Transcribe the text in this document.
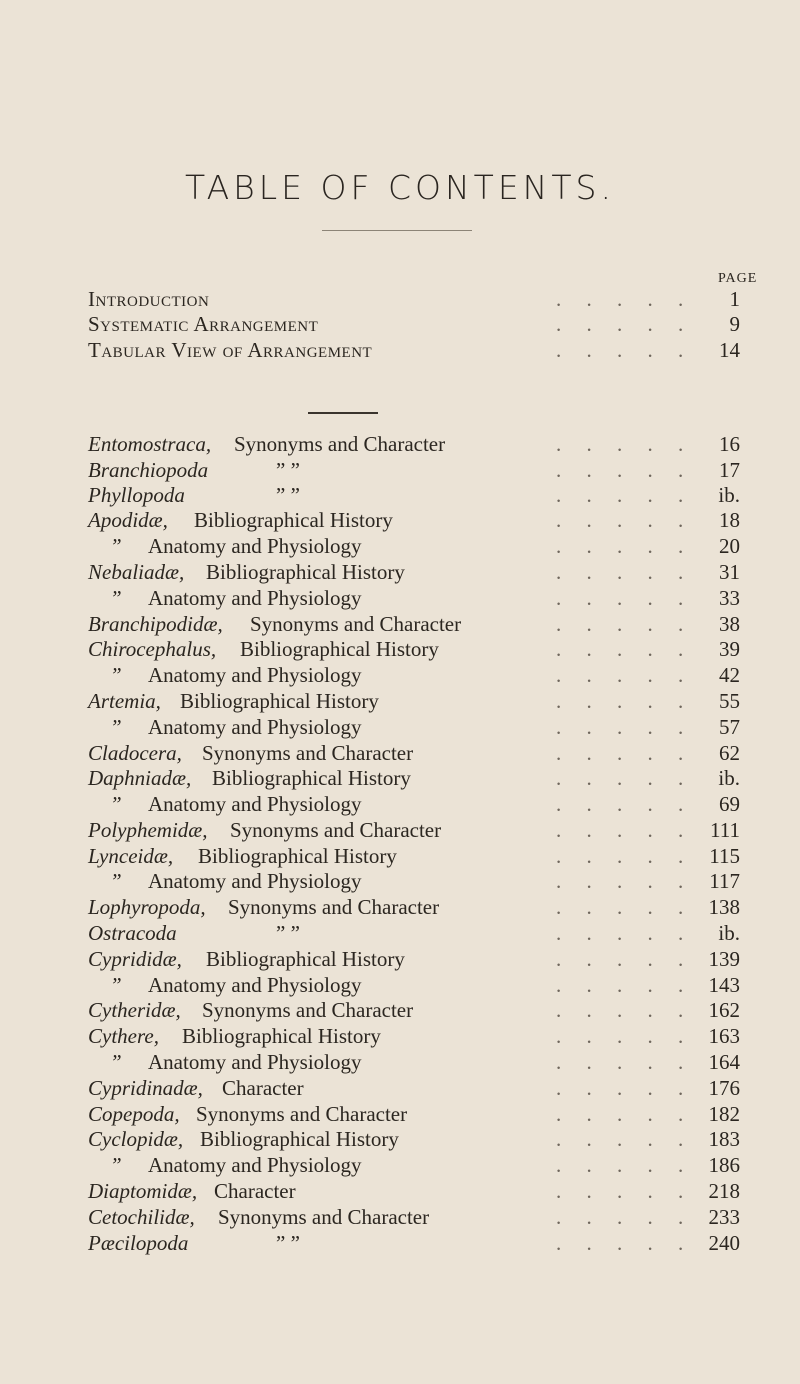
TABLE OF CONTENTS.
PAGE
Introduction	. . . . . 1
Systematic Arrangement	. . . . . 9
Tabular View of Arrangement	. . . . . 14
Entomostraca, Synonyms and Character	. . . . . 16
Branchiopoda	” ”	. . . . . 17
Phyllopoda	” ”	. . . . . ib.
Apodidæ, Bibliographical History	. . . . . 18
” Anatomy and Physiology	. . . . . 20
Nebaliadæ, Bibliographical History	. . . . . 31
” Anatomy and Physiology	. . . . . 33
Branchipodidæ, Synonyms and Character	. . . . . 38
Chirocephalus, Bibliographical History	. . . . . 39
” Anatomy and Physiology	. . . . . 42
Artemia, Bibliographical History	. . . . . 55
” Anatomy and Physiology	. . . . . 57
Cladocera, Synonyms and Character	. . . . . 62
Daphniadæ, Bibliographical History	. . . . . ib.
” Anatomy and Physiology	. . . . . 69
Polyphemidæ, Synonyms and Character	. . . . . 111
Lynceidæ, Bibliographical History	. . . . . 115
” Anatomy and Physiology	. . . . . 117
Lophyropoda, Synonyms and Character	. . . . . 138
Ostracoda	” ”	. . . . . ib.
Cyprididæ, Bibliographical History	. . . . . 139
” Anatomy and Physiology	. . . . . 143
Cytheridæ, Synonyms and Character	. . . . . 162
Cythere, Bibliographical History	. . . . . 163
” Anatomy and Physiology	. . . . . 164
Cypridinadæ, Character	. . . . . 176
Copepoda, Synonyms and Character	. . . . . 182
Cyclopidæ, Bibliographical History	. . . . . 183
” Anatomy and Physiology	. . . . . 186
Diaptomidæ, Character	. . . . . 218
Cetochilidæ, Synonyms and Character	. . . . . 233
Pæcilopoda	” ”	. . . . . 240
